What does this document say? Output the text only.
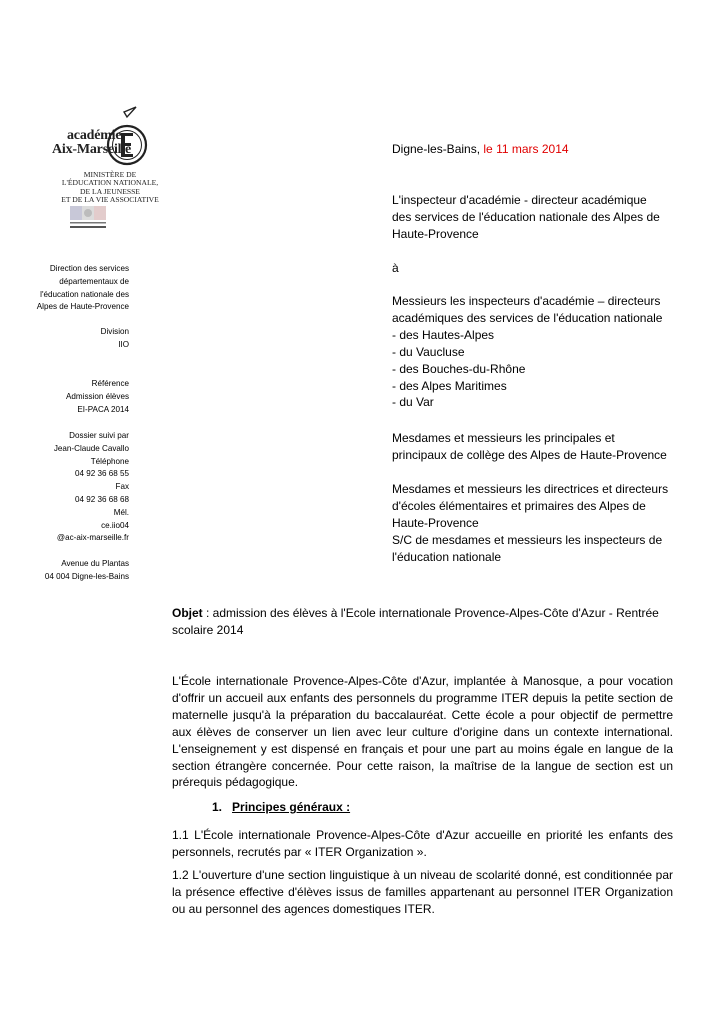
académie
Aix-Marseille
MINISTÈRE DE
L'ÉDUCATION NATIONALE,
DE LA JEUNESSE
ET DE LA VIE ASSOCIATIVE

Direction des services

départementaux de

l'éducation nationale des

Alpes de Haute-Provence

Division

IIO

Référence

Admission élèves

EI-PACA 2014

Dossier suivi par

Jean-Claude Cavallo

Téléphone

04 92 36 68 55

Fax

04 92 36 68 68

Mél.

ce.iio04

@ac-aix-marseille.fr

Avenue du Plantas

04 004 Digne-les-Bains

Digne-les-Bains, le 11 mars 2014

L'inspecteur d'académie - directeur académique

des services de l'éducation nationale des Alpes de

Haute-Provence

à

Messieurs les inspecteurs d'académie – directeurs

académiques des services de l'éducation nationale

- des Hautes-Alpes

- du Vaucluse

- des Bouches-du-Rhône

- des Alpes Maritimes

- du Var

Mesdames et messieurs les principales et

principaux de collège des Alpes de Haute-Provence

Mesdames et messieurs les directrices et directeurs

d'écoles élémentaires et primaires des Alpes de

Haute-Provence

S/C de mesdames et messieurs les inspecteurs de

l'éducation nationale

Objet : admission des élèves à l'Ecole internationale Provence-Alpes-Côte d'Azur - Rentrée

scolaire 2014

L'École internationale Provence-Alpes-Côte d'Azur, implantée à Manosque, a pour vocation d'offrir un accueil aux enfants des personnels du programme ITER depuis la petite section de maternelle jusqu'à la préparation du baccalauréat. Cette école a pour objectif de permettre aux élèves de conserver un lien avec leur culture d'origine dans un contexte international. L'enseignement y est dispensé en français et pour une part au moins égale en langue de la section étrangère concernée. Pour cette raison, la maîtrise de la langue de section est un prérequis pédagogique.
1. Principes généraux :
1.1 L'École internationale Provence-Alpes-Côte d'Azur accueille en priorité les enfants des personnels, recrutés par « ITER Organization ».
1.2 L'ouverture d'une section linguistique à un niveau de scolarité donné, est conditionnée par la présence effective d'élèves issus de familles appartenant au personnel ITER Organization ou au personnel des agences domestiques ITER.
